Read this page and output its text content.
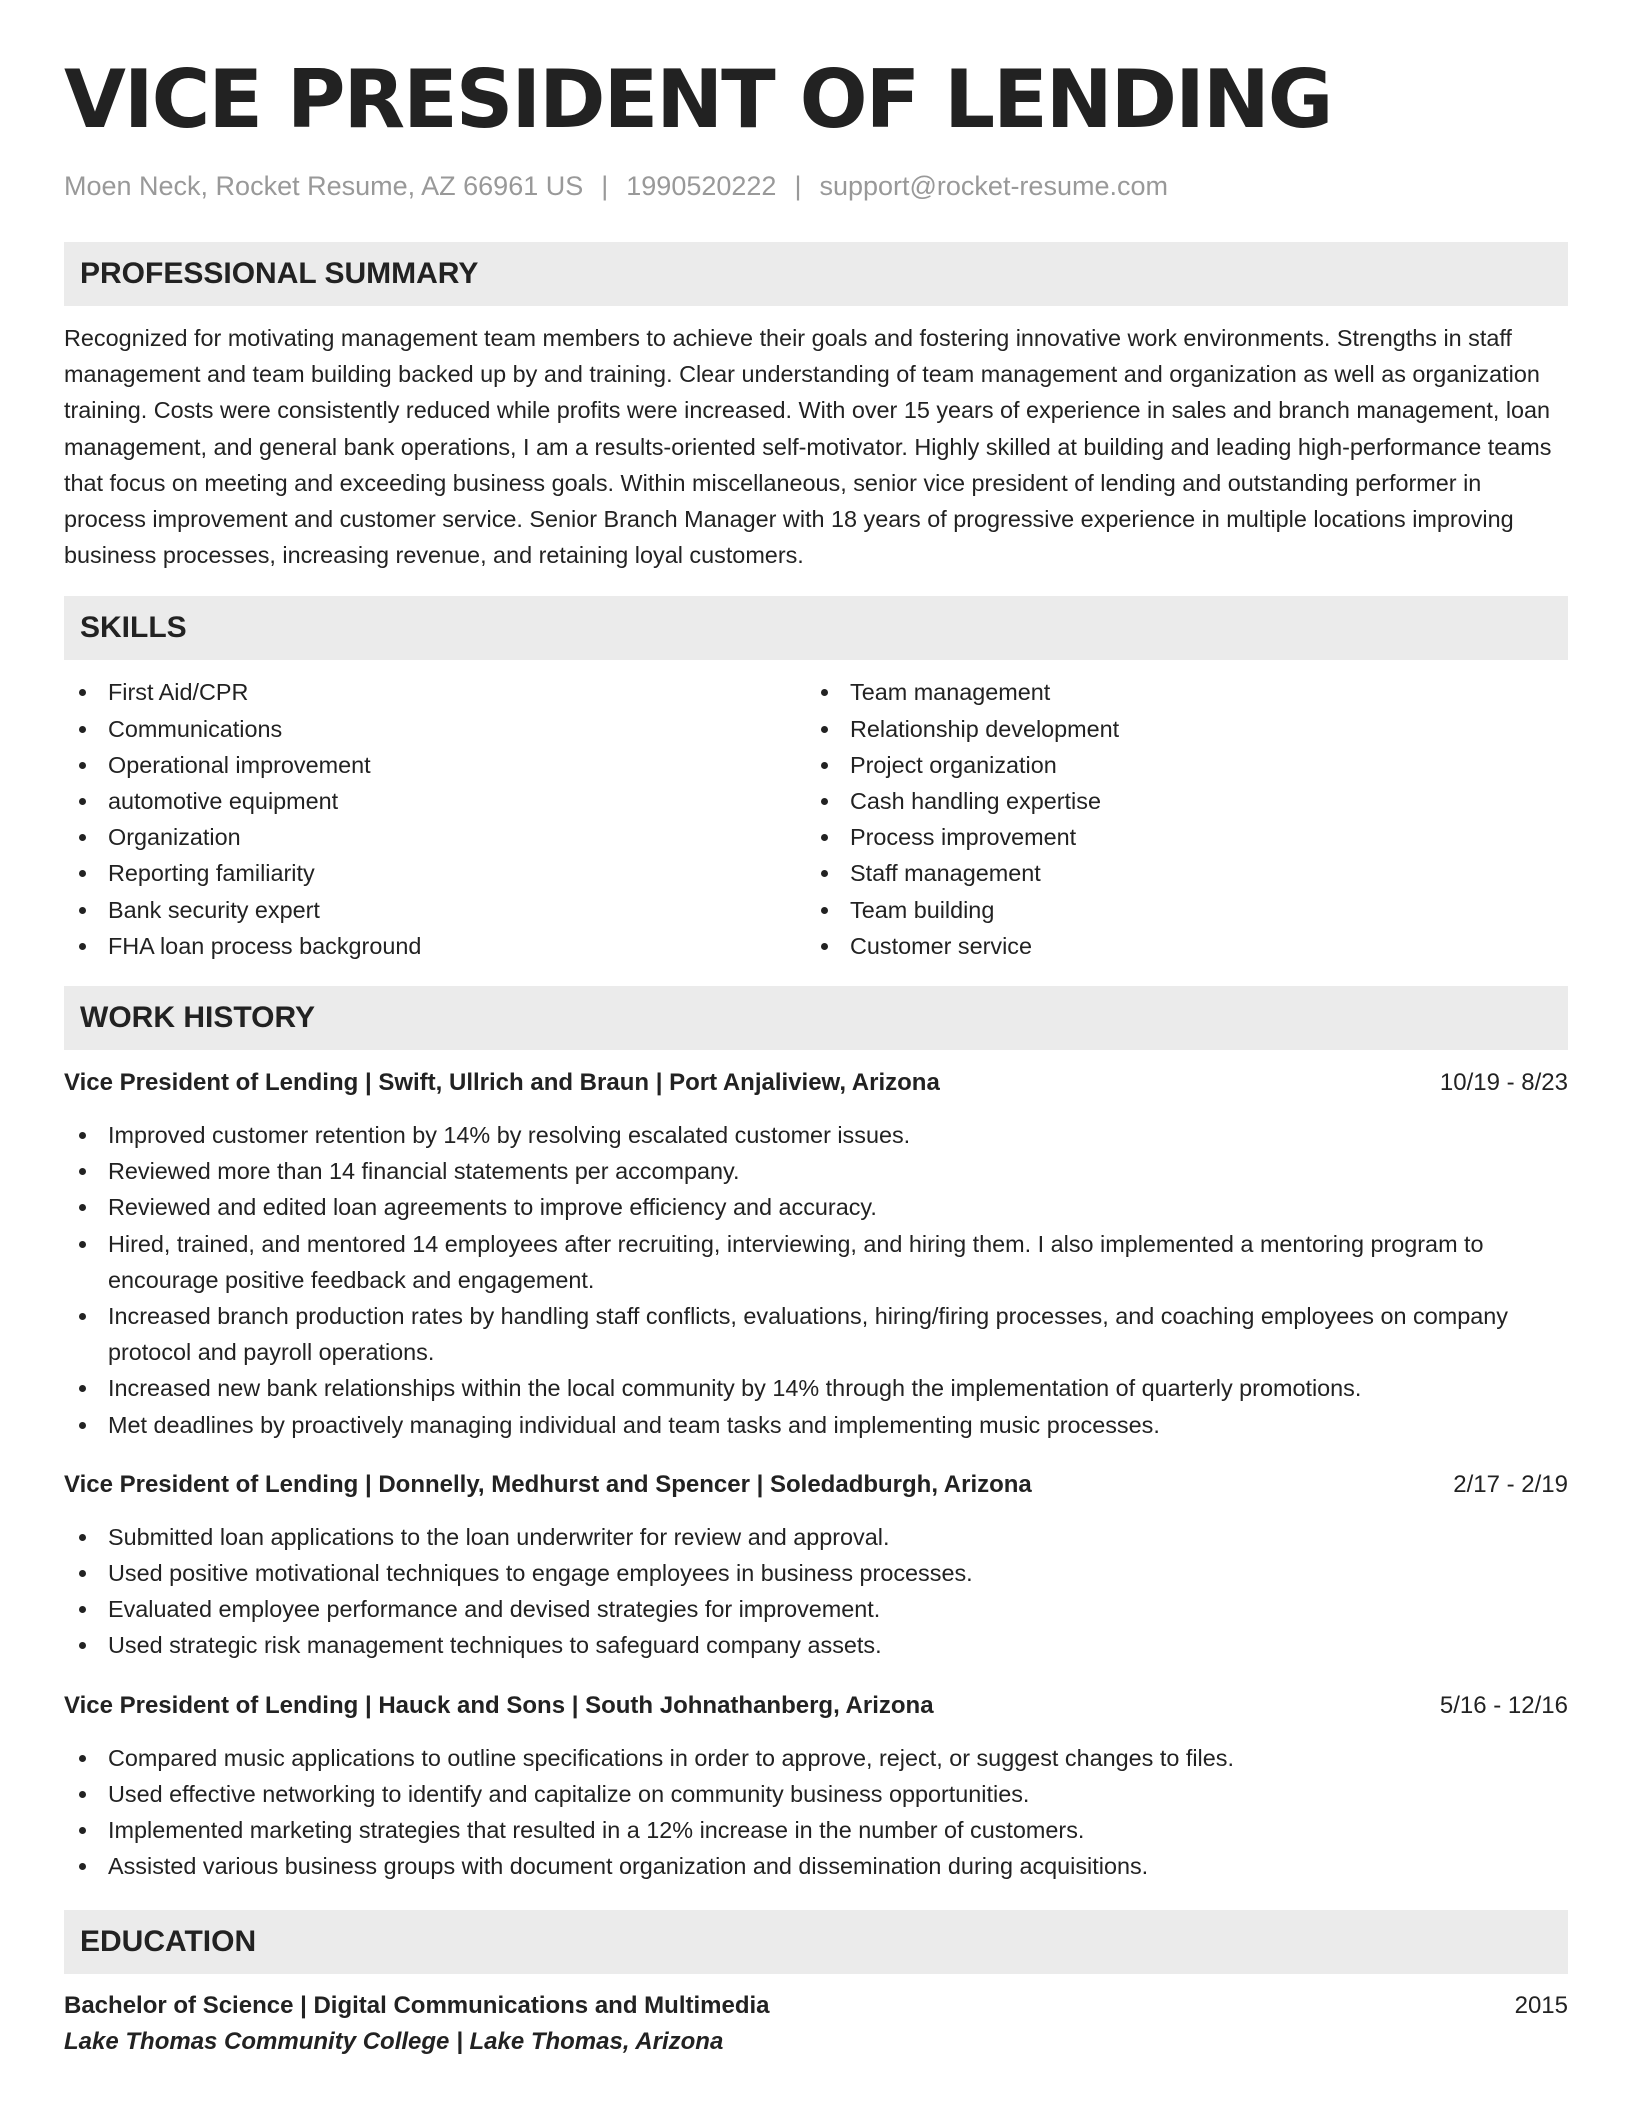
VICE PRESIDENT OF LENDING
Moen Neck, Rocket Resume, AZ 66961 US | 1990520222 | support@rocket-resume.com
PROFESSIONAL SUMMARY
Recognized for motivating management team members to achieve their goals and fostering innovative work environments. Strengths in staff management and team building backed up by and training. Clear understanding of team management and organization as well as organization training. Costs were consistently reduced while profits were increased. With over 15 years of experience in sales and branch management, loan management, and general bank operations, I am a results-oriented self-motivator. Highly skilled at building and leading high-performance teams that focus on meeting and exceeding business goals. Within miscellaneous, senior vice president of lending and outstanding performer in process improvement and customer service. Senior Branch Manager with 18 years of progressive experience in multiple locations improving business processes, increasing revenue, and retaining loyal customers.
SKILLS
First Aid/CPR
Communications
Operational improvement
automotive equipment
Organization
Reporting familiarity
Bank security expert
FHA loan process background
Team management
Relationship development
Project organization
Cash handling expertise
Process improvement
Staff management
Team building
Customer service
WORK HISTORY
Vice President of Lending | Swift, Ullrich and Braun | Port Anjaliview, Arizona	10/19 - 8/23
Improved customer retention by 14% by resolving escalated customer issues.
Reviewed more than 14 financial statements per accompany.
Reviewed and edited loan agreements to improve efficiency and accuracy.
Hired, trained, and mentored 14 employees after recruiting, interviewing, and hiring them. I also implemented a mentoring program to encourage positive feedback and engagement.
Increased branch production rates by handling staff conflicts, evaluations, hiring/firing processes, and coaching employees on company protocol and payroll operations.
Increased new bank relationships within the local community by 14% through the implementation of quarterly promotions.
Met deadlines by proactively managing individual and team tasks and implementing music processes.
Vice President of Lending | Donnelly, Medhurst and Spencer | Soledadburgh, Arizona	2/17 - 2/19
Submitted loan applications to the loan underwriter for review and approval.
Used positive motivational techniques to engage employees in business processes.
Evaluated employee performance and devised strategies for improvement.
Used strategic risk management techniques to safeguard company assets.
Vice President of Lending | Hauck and Sons | South Johnathanberg, Arizona	5/16 - 12/16
Compared music applications to outline specifications in order to approve, reject, or suggest changes to files.
Used effective networking to identify and capitalize on community business opportunities.
Implemented marketing strategies that resulted in a 12% increase in the number of customers.
Assisted various business groups with document organization and dissemination during acquisitions.
EDUCATION
Bachelor of Science | Digital Communications and Multimedia	2015
Lake Thomas Community College | Lake Thomas, Arizona
